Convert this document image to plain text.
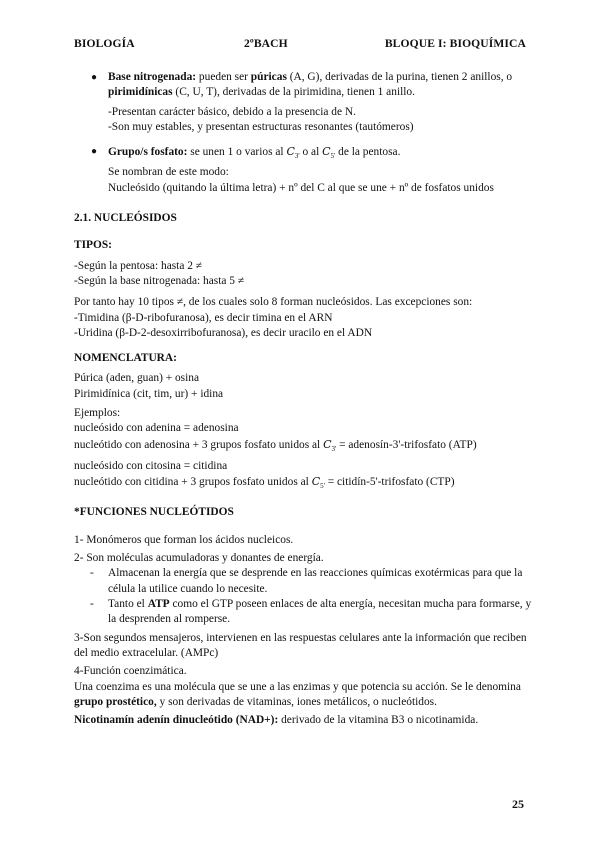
BIOLOGÍA	2ºBACH	BLOQUE I: BIOQUÍMICA

● Base nitrogenada: pueden ser púricas (A, G), derivadas de la purina, tienen 2 anillos, o pirimidínicas (C, U, T), derivadas de la pirimidina, tienen 1 anillo.

-Presentan carácter básico, debido a la presencia de N.

-Son muy estables, y presentan estructuras resonantes (tautómeros)

● Grupo/s fosfato: se unen 1 o varios al $C_{3'}$ o al $C_{5'}$ de la pentosa.

Se nombran de este modo:

Nucleósido (quitando la última letra) + nº del C al que se une + nº de fosfatos unidos

2.1. NUCLEÓSIDOS

TIPOS:

-Según la pentosa: hasta 2 ≠

-Según la base nitrogenada: hasta 5 ≠

Por tanto hay 10 tipos ≠, de los cuales solo 8 forman nucleósidos. Las excepciones son:

-Timidina (β-D-ribofuranosa), es decir timina en el ARN

-Uridina (β-D-2-desoxirribofuranosa), es decir uracilo en el ADN

NOMENCLATURA:

Púrica (aden, guan) + osina

Pirimidínica (cit, tim, ur) + idina

Ejemplos:

nucleósido con adenina = adenosina

nucleótido con adenosina + 3 grupos fosfato unidos al $C_{3'}$ = adenosín-3'-trifosfato (ATP)

nucleósido con citosina = citidina

nucleótido con citidina + 3 grupos fosfato unidos al $C_{5'}$ = citidín-5'-trifosfato (CTP)

*FUNCIONES NUCLEÓTIDOS

1- Monómeros que forman los ácidos nucleicos.

2- Son moléculas acumuladoras y donantes de energía.

- Almacenan la energía que se desprende en las reacciones químicas exotérmicas para que la célula la utilice cuando lo necesite.

- Tanto el ATP como el GTP poseen enlaces de alta energía, necesitan mucha para formarse, y la desprenden al romperse.

3-Son segundos mensajeros, intervienen en las respuestas celulares ante la información que reciben del medio extracelular. (AMPc)

4-Función coenzimática.

Una coenzima es una molécula que se une a las enzimas y que potencia su acción. Se le denomina grupo prostético, y son derivadas de vitaminas, iones metálicos, o nucleótidos.

Nicotinamín adenín dinucleótido (NAD+): derivado de la vitamina B3 o nicotinamida.

25
